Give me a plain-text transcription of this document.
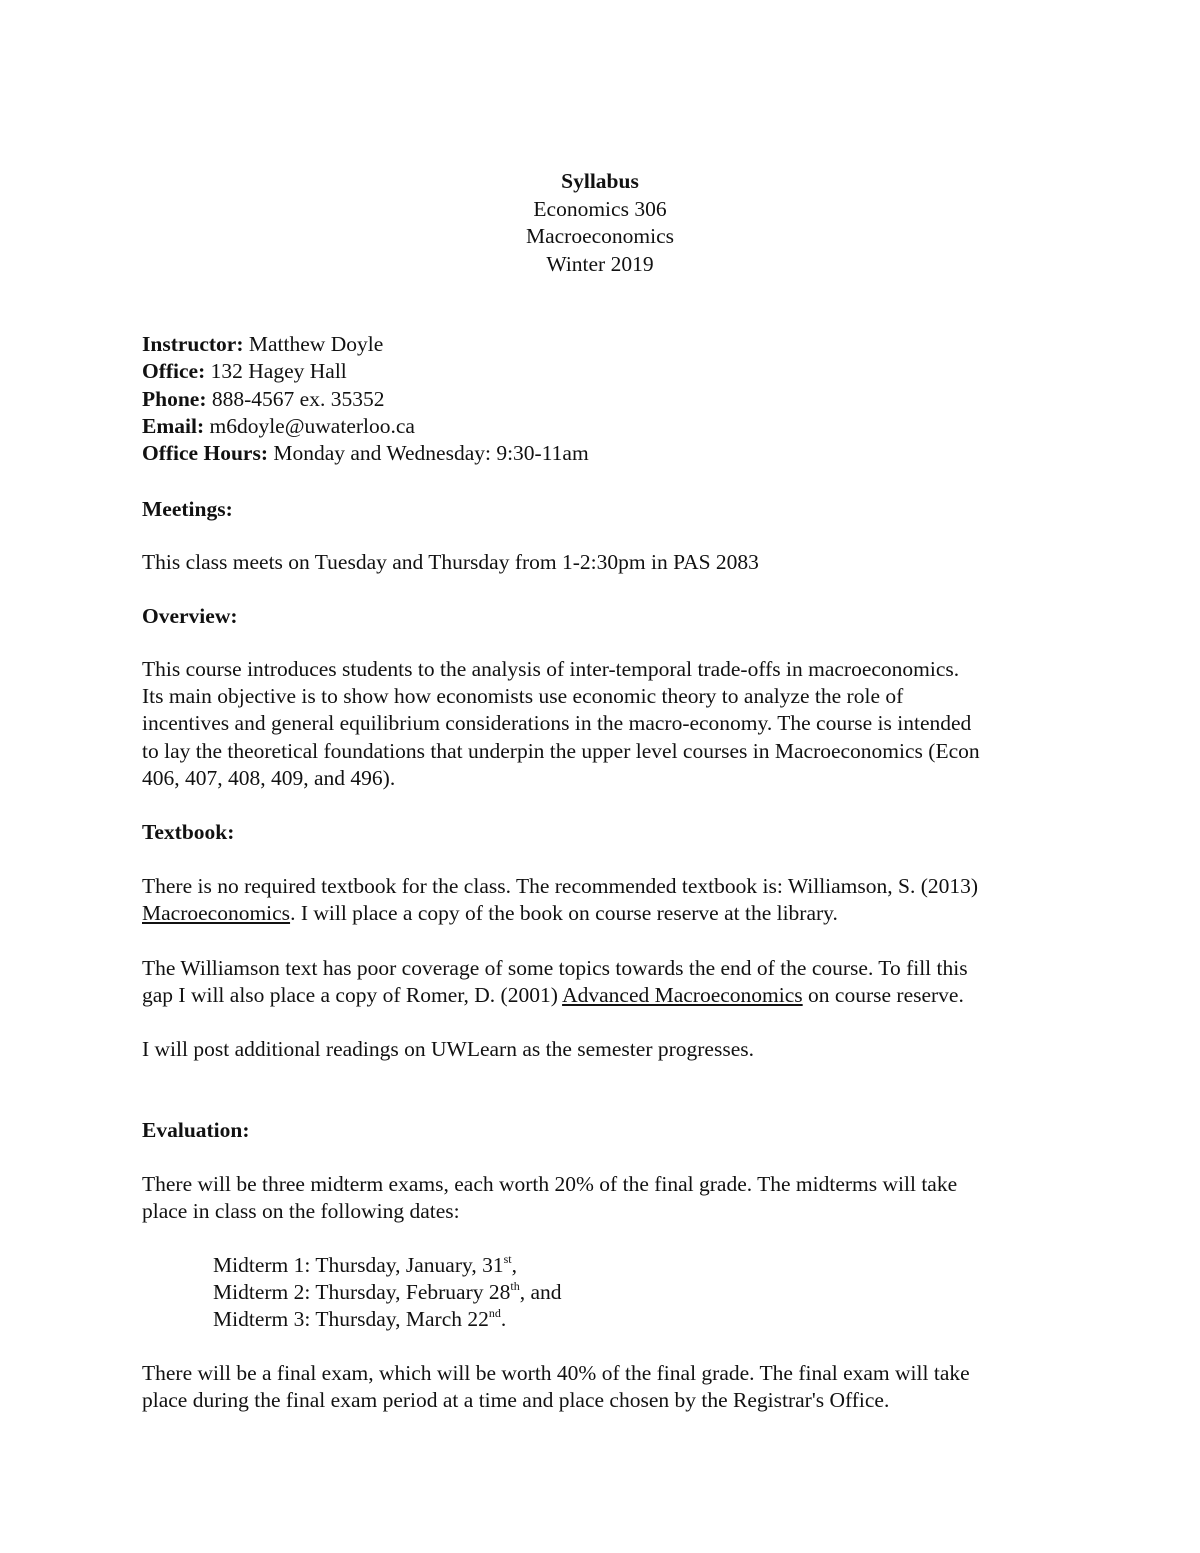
Syllabus
Economics 306
Macroeconomics
Winter 2019
Instructor: Matthew Doyle
Office: 132 Hagey Hall
Phone: 888-4567 ex. 35352
Email: m6doyle@uwaterloo.ca
Office Hours: Monday and Wednesday: 9:30-11am
Meetings:
This class meets on Tuesday and Thursday from 1-2:30pm in PAS 2083
Overview:
This course introduces students to the analysis of inter-temporal trade-offs in macroeconomics.
Its main objective is to show how economists use economic theory to analyze the role of
incentives and general equilibrium considerations in the macro-economy. The course is intended
to lay the theoretical foundations that underpin the upper level courses in Macroeconomics (Econ
406, 407, 408, 409, and 496).
Textbook:
There is no required textbook for the class. The recommended textbook is: Williamson, S. (2013)
Macroeconomics. I will place a copy of the book on course reserve at the library.
The Williamson text has poor coverage of some topics towards the end of the course. To fill this
gap I will also place a copy of Romer, D. (2001) Advanced Macroeconomics on course reserve.
I will post additional readings on UWLearn as the semester progresses.
Evaluation:
There will be three midterm exams, each worth 20% of the final grade. The midterms will take
place in class on the following dates:
Midterm 1: Thursday, January, 31st,
Midterm 2: Thursday, February 28th, and
Midterm 3: Thursday, March 22nd.
There will be a final exam, which will be worth 40% of the final grade. The final exam will take
place during the final exam period at a time and place chosen by the Registrar's Office.
